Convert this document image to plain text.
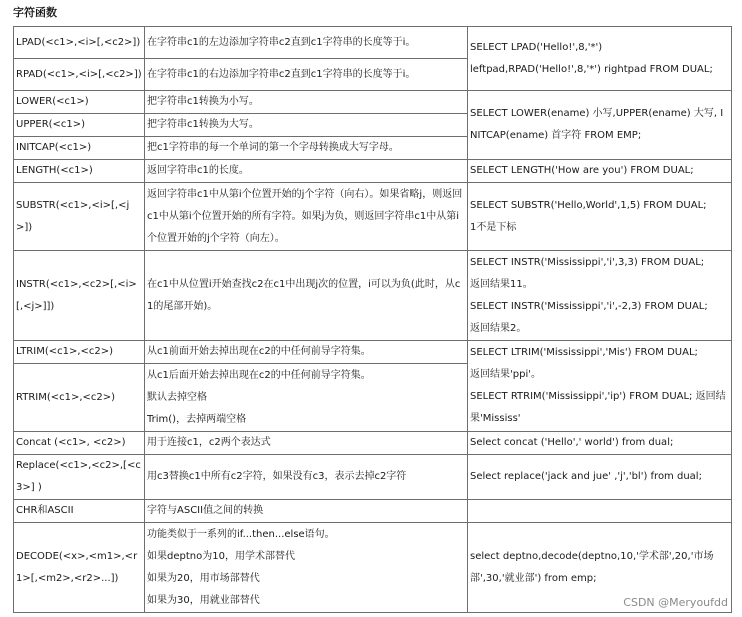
字符函数
LPAD(<c1>,<i>[,<c2>])	在字符串c1的左边添加字符串c2直到c1字符串的长度等于i。	SELECT LPAD('Hello!',8,'*')
leftpad,RPAD('Hello!',8,'*') rightpad FROM DUAL;

RPAD(<c1>,<i>[,<c2>])	在字符串c1的右边添加字符串c2直到c1字符串的长度等于i。	
LOWER(<c1>)	把字符串c1转换为小写。	SELECT LOWER(ename) 小写,UPPER(ename) 大写, INITCAP(ename) 首字符 FROM EMP;
UPPER(<c1>)	把字符串c1转换为大写。	
INITCAP(<c1>)	把c1字符串的每一个单词的第一个字母转换成大写字母。	
LENGTH(<c1>)	返回字符串c1的长度。	SELECT LENGTH('How are you') FROM DUAL;
SUBSTR(<c1>,<i>[,<j>])	返回字符串c1中从第i个位置开始的j个字符（向右）。如果省略j，则返回c1中从第i个位置开始的所有字符。如果j为负，则返回字符串c1中从第i个位置开始的j个字符（向左）。	SELECT SUBSTR('Hello,World',1,5) FROM DUAL;
1不是下标

INSTR(<c1>,<c2>[,<i>[,<j>]])	在c1中从位置i开始查找c2在c1中出现j次的位置，i可以为负(此时，从c1的尾部开始)。	SELECT INSTR('Mississippi','i',3,3) FROM DUAL;
返回结果11。
SELECT INSTR('Mississippi','i',-2,3) FROM DUAL;
返回结果2。

LTRIM(<c1>,<c2>)	从c1前面开始去掉出现在c2的中任何前导字符集。	SELECT LTRIM('Mississippi','Mis') FROM DUAL;
返回结果'ppi'。
SELECT RTRIM('Mississippi','ip') FROM DUAL; 返回结果'Mississ'

RTRIM(<c1>,<c2>)	从c1后面开始去掉出现在c2的中任何前导字符集。
默认去掉空格
Trim()，去掉两端空格	

Concat (<c1>, <c2>)	用于连接c1，c2两个表达式	Select concat ('Hello',' world') from dual;
Replace(<c1>,<c2>,[<c3>] )	用c3替换c1中所有c2字符，如果没有c3，表示去掉c2字符	Select replace('jack and jue' ,'j','bl') from dual;
CHR和ASCII	字符与ASCII值之间的转换	
DECODE(<x>,<m1>,<r1>[,<m2>,<r2>...])	功能类似于一系列的if...then...else语句。
如果deptno为10，用学术部替代
如果为20，用市场部替代
如果为30，用就业部替代	select deptno,decode(deptno,10,'学术部',20,'市场部',30,'就业部') from emp;
CSDN @Meryoufdd
